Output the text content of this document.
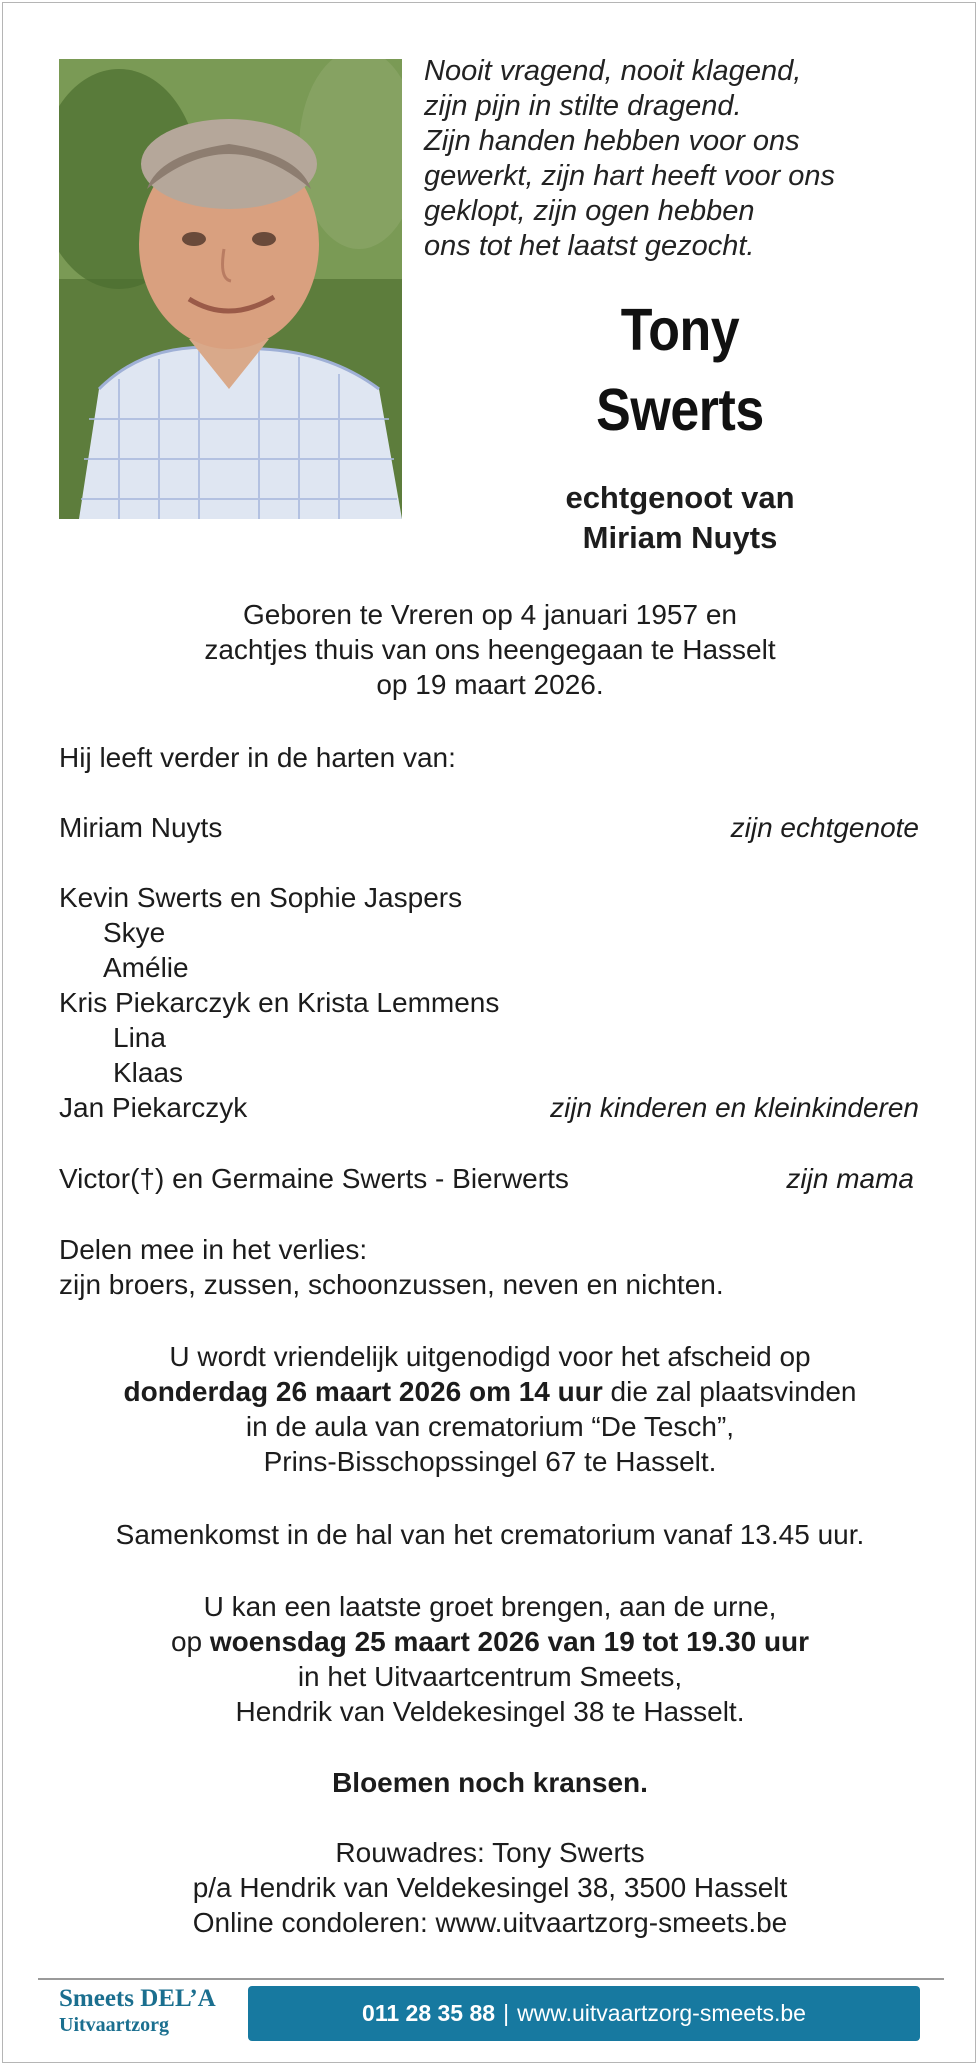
Nooit vragend, nooit klagend,
zijn pijn in stilte dragend.
Zijn handen hebben voor ons
gewerkt, zijn hart heeft voor ons
geklopt, zijn ogen hebben
ons tot het laatst gezocht.
Tony
Swerts
echtgenoot van
Miriam Nuyts
Geboren te Vreren op 4 januari 1957 en
zachtjes thuis van ons heengegaan te Hasselt
op 19 maart 2026.
Hij leeft verder in de harten van:
Miriam Nuyts	zijn echtgenote
Kevin Swerts en Sophie Jaspers
Skye
Amélie
Kris Piekarczyk en Krista Lemmens
Lina
Klaas
Jan Piekarczyk	zijn kinderen en kleinkinderen
Victor(†) en Germaine Swerts - Bierwerts	zijn mama
Delen mee in het verlies:
zijn broers, zussen, schoonzussen, neven en nichten.
U wordt vriendelijk uitgenodigd voor het afscheid op
donderdag 26 maart 2026 om 14 uur die zal plaatsvinden
in de aula van crematorium “De Tesch”,
Prins-Bisschopssingel 67 te Hasselt.
Samenkomst in de hal van het crematorium vanaf 13.45 uur.
U kan een laatste groet brengen, aan de urne,
op woensdag 25 maart 2026 van 19 tot 19.30 uur
in het Uitvaartcentrum Smeets,
Hendrik van Veldekesingel 38 te Hasselt.
Bloemen noch kransen.
Rouwadres: Tony Swerts
p/a Hendrik van Veldekesingel 38, 3500 Hasselt
Online condoleren: www.uitvaartzorg-smeets.be
Smeets DEL’A
Uitvaartzorg	011 28 35 88 | www.uitvaartzorg-smeets.be
